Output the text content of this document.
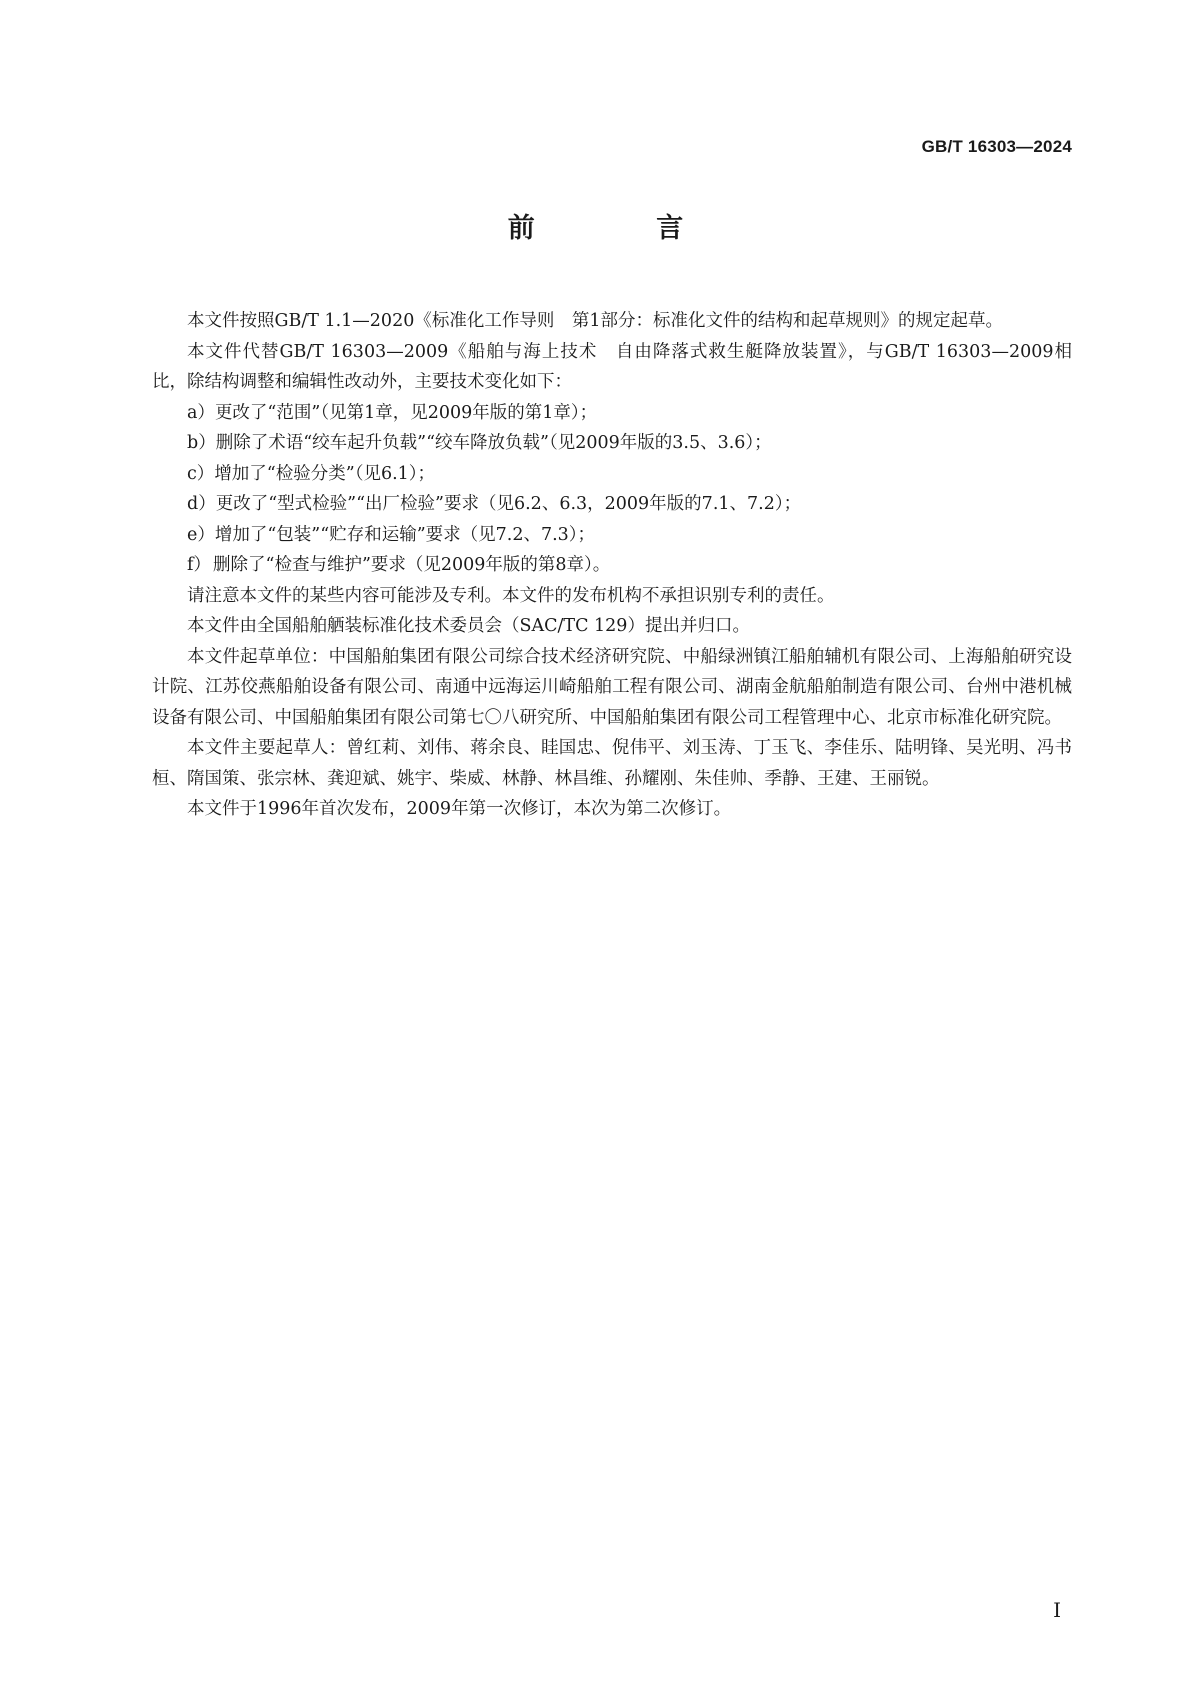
GB/T 16303—2024
前 言

本文件按照GB/T 1.1—2020《标准化工作导则　第1部分：标准化文件的结构和起草规则》的规定起草。

本文件代替GB/T 16303—2009《船舶与海上技术　自由降落式救生艇降放装置》，与GB/T 16303—2009相比，除结构调整和编辑性改动外，主要技术变化如下：

a）更改了“范围”（见第1章，见2009年版的第1章）；

b）删除了术语“绞车起升负载”“绞车降放负载”（见2009年版的3.5、3.6）；

c）增加了“检验分类”（见6.1）；

d）更改了“型式检验”“出厂检验”要求（见6.2、6.3，2009年版的7.1、7.2）；

e）增加了“包装”“贮存和运输”要求（见7.2、7.3）；

f） 删除了“检查与维护”要求（见2009年版的第8章）。

请注意本文件的某些内容可能涉及专利。本文件的发布机构不承担识别专利的责任。

本文件由全国船舶舾装标准化技术委员会（SAC/TC 129）提出并归口。

本文件起草单位：中国船舶集团有限公司综合技术经济研究院、中船绿洲镇江船舶辅机有限公司、上海船舶研究设计院、江苏佼燕船舶设备有限公司、南通中远海运川崎船舶工程有限公司、湖南金航船舶制造有限公司、台州中港机械设备有限公司、中国船舶集团有限公司第七〇八研究所、中国船舶集团有限公司工程管理中心、北京市标准化研究院。

本文件主要起草人：曾红莉、刘伟、蒋余良、眭国忠、倪伟平、刘玉涛、丁玉飞、李佳乐、陆明锋、吴光明、冯书桓、隋国策、张宗林、龚迎斌、姚宇、柴威、林静、林昌维、孙耀刚、朱佳帅、季静、王建、王丽锐。

本文件于1996年首次发布，2009年第一次修订，本次为第二次修订。

I
